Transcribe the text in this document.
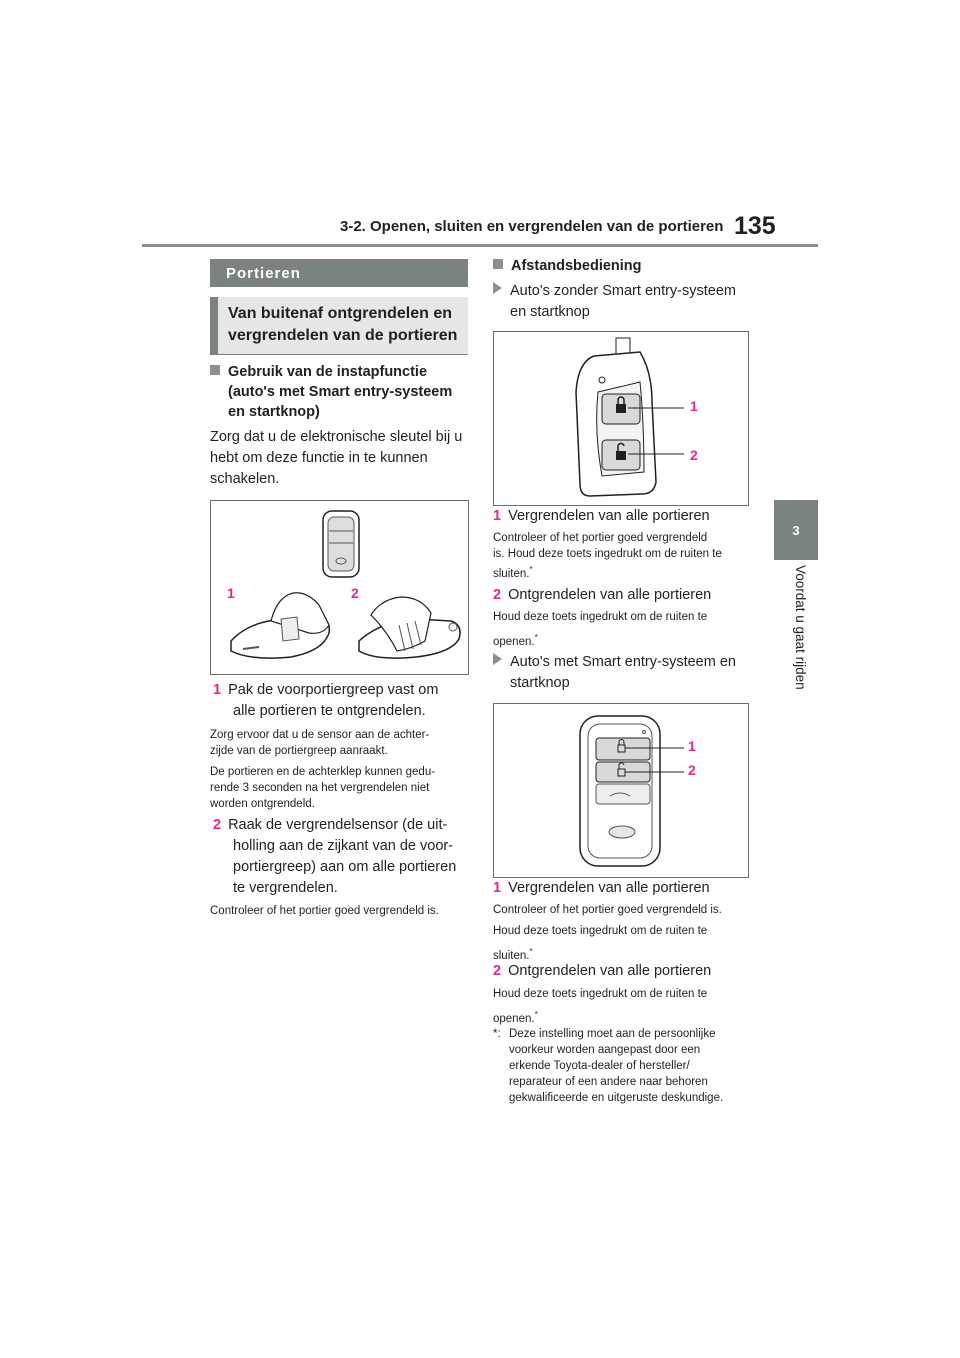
3-2. Openen, sluiten en vergrendelen van de portieren 135
3
Voordat u gaat rijden
Portieren
Van buitenaf ontgrendelen en
vergrendelen van de portieren
Gebruik van de instapfunctie
(auto's met Smart entry-systeem
en startknop)
Zorg dat u de elektronische sleutel bij u
hebt om deze functie in te kunnen
schakelen.
1	2
1 Pak de voorportiergreep vast om
alle portieren te ontgrendelen.
Zorg ervoor dat u de sensor aan de achter-
zijde van de portiergreep aanraakt.
De portieren en de achterklep kunnen gedu-
rende 3 seconden na het vergrendelen niet
worden ontgrendeld.
2 Raak de vergrendelsensor (de uit-
holling aan de zijkant van de voor-
portiergreep) aan om alle portieren
te vergrendelen.
Controleer of het portier goed vergrendeld is.
Afstandsbediening
Auto's zonder Smart entry-systeem
en startknop
1
2
1 Vergrendelen van alle portieren
Controleer of het portier goed vergrendeld
is. Houd deze toets ingedrukt om de ruiten te
sluiten.*
2 Ontgrendelen van alle portieren
Houd deze toets ingedrukt om de ruiten te
openen.*
Auto's met Smart entry-systeem en
startknop
1
2
1 Vergrendelen van alle portieren
Controleer of het portier goed vergrendeld is.
Houd deze toets ingedrukt om de ruiten te
sluiten.*
2 Ontgrendelen van alle portieren
Houd deze toets ingedrukt om de ruiten te
openen.*
*: Deze instelling moet aan de persoonlijke
voorkeur worden aangepast door een
erkende Toyota-dealer of hersteller/
reparateur of een andere naar behoren
gekwalificeerde en uitgeruste deskundige.
